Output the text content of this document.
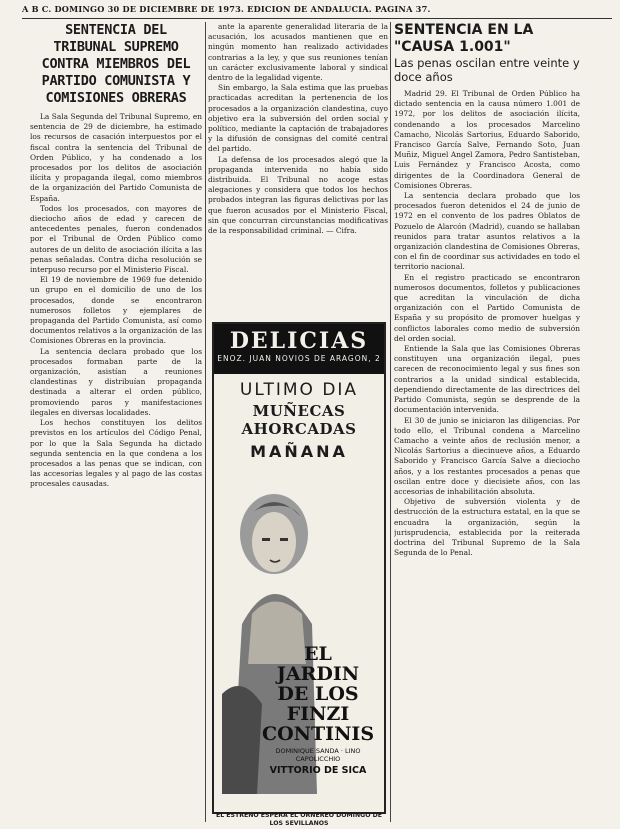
A B C. DOMINGO 30 DE DICIEMBRE DE 1973. EDICION DE ANDALUCIA. PAGINA 37.
SENTENCIA DEL TRIBUNAL SUPREMO CONTRA MIEMBROS DEL PARTIDO COMUNISTA Y COMISIONES OBRERAS

La Sala Segunda del Tribunal Supremo, en sentencia de 29 de diciembre, ha estimado los recursos de casación interpuestos por el fiscal contra la sentencia del Tribunal de Orden Público, y ha condenado a los procesados por los delitos de asociación ilícita y propaganda ilegal, como miembros de la organización del Partido Comunista de España.

Todos los procesados, con mayores de dieciocho años de edad y carecen de antecedentes penales, fueron condenados por el Tribunal de Orden Público como autores de un delito de asociación ilícita a las penas señaladas. Contra dicha resolución se interpuso recurso por el Ministerio Fiscal.

El 19 de noviembre de 1969 fue detenido un grupo en el domicilio de uno de los procesados, donde se encontraron numerosos folletos y ejemplares de propaganda del Partido Comunista, así como documentos relativos a la organización de las Comisiones Obreras en la provincia.

La sentencia declara probado que los procesados formaban parte de la organización, asistían a reuniones clandestinas y distribuían propaganda destinada a alterar el orden público, promoviendo paros y manifestaciones ilegales en diversas localidades.

Los hechos constituyen los delitos previstos en los artículos del Código Penal, por lo que la Sala Segunda ha dictado segunda sentencia en la que condena a los procesados a las penas que se indican, con las accesorias legales y al pago de las costas procesales causadas.

ante la aparente generalidad literaria de la acusación, los acusados mantienen que en ningún momento han realizado actividades contrarias a la ley, y que sus reuniones tenían un carácter exclusivamente laboral y sindical dentro de la legalidad vigente.

Sin embargo, la Sala estima que las pruebas practicadas acreditan la pertenencia de los procesados a la organización clandestina, cuyo objetivo era la subversión del orden social y político, mediante la captación de trabajadores y la difusión de consignas del comité central del partido.

La defensa de los procesados alegó que la propaganda intervenida no había sido distribuida. El Tribunal no acoge estas alegaciones y considera que todos los hechos probados integran las figuras delictivas por las que fueron acusados por el Ministerio Fiscal, sin que concurran circunstancias modificativas de la responsabilidad criminal. — Cifra.

DELICIAS
ENOZ. JUAN NOVIOS DE ARAGON, 2
ULTIMO DIA
MUÑECAS AHORCADAS
MAÑANA
EL JARDIN DE LOS FINZI CONTINIS
DOMINIQUE SANDA · LINO CAPOLICCHIO
VITTORIO DE SICA
EL ESTRENO ESPERA EL ORNEREO DOMINGO DE LOS SEVILLANOS
SENTENCIA EN LA "CAUSA 1.001"
Las penas oscilan entre veinte y doce años

Madrid 29. El Tribunal de Orden Público ha dictado sentencia en la causa número 1.001 de 1972, por los delitos de asociación ilícita, condenando a los procesados Marcelino Camacho, Nicolás Sartorius, Eduardo Saborido, Francisco García Salve, Fernando Soto, Juan Muñiz, Miguel Angel Zamora, Pedro Santisteban, Luis Fernández y Francisco Acosta, como dirigentes de la Coordinadora General de Comisiones Obreras.

La sentencia declara probado que los procesados fueron detenidos el 24 de junio de 1972 en el convento de los padres Oblatos de Pozuelo de Alarcón (Madrid), cuando se hallaban reunidos para tratar asuntos relativos a la organización clandestina de Comisiones Obreras, con el fin de coordinar sus actividades en todo el territorio nacional.

En el registro practicado se encontraron numerosos documentos, folletos y publicaciones que acreditan la vinculación de dicha organización con el Partido Comunista de España y su propósito de promover huelgas y conflictos laborales como medio de subversión del orden social.

Entiende la Sala que las Comisiones Obreras constituyen una organización ilegal, pues carecen de reconocimiento legal y sus fines son contrarios a la unidad sindical establecida, dependiendo directamente de las directrices del Partido Comunista, según se desprende de la documentación intervenida.

El 30 de junio se iniciaron las diligencias. Por todo ello, el Tribunal condena a Marcelino Camacho a veinte años de reclusión menor, a Nicolás Sartorius a diecinueve años, a Eduardo Saborido y Francisco García Salve a dieciocho años, y a los restantes procesados a penas que oscilan entre doce y diecisiete años, con las accesorias de inhabilitación absoluta.

Objetivo de subversión violenta y de destrucción de la estructura estatal, en la que se encuadra la organización, según la jurisprudencia, establecida por la reiterada doctrina del Tribunal Supremo de la Sala Segunda de lo Penal.
